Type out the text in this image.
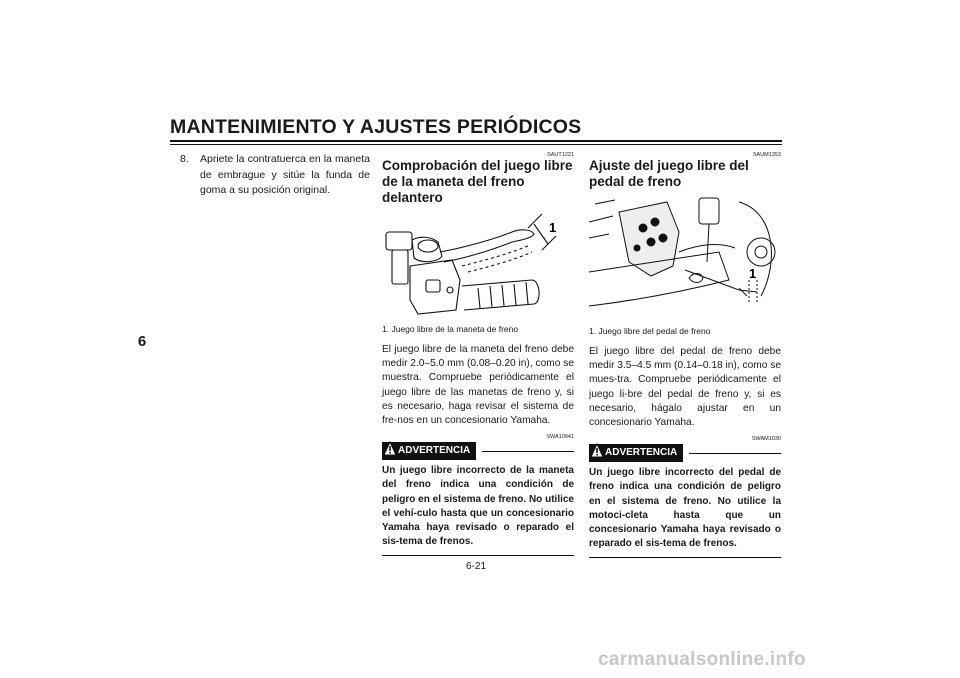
MANTENIMIENTO Y AJUSTES PERIÓDICOS
6
8. Apriete la contratuerca en la maneta de embrague y sitúe la funda de goma a su posición original.
SAUT1221
Comprobación del juego libre de la maneta del freno delantero
1
1. Juego libre de la maneta de freno
El juego libre de la maneta del freno debe medir 2.0–5.0 mm (0.08–0.20 in), como se muestra. Compruebe periódicamente el juego libre de las manetas de freno y, si es necesario, haga revisar el sistema de fre-nos en un concesionario Yamaha.
SWA10641
ADVERTENCIA
Un juego libre incorrecto de la maneta del freno indica una condición de peligro en el sistema de freno. No utilice el vehí-culo hasta que un concesionario Yamaha haya revisado o reparado el sis-tema de frenos.
SAUM1353
Ajuste del juego libre del pedal de freno
1
1. Juego libre del pedal de freno
El juego libre del pedal de freno debe medir 3.5–4.5 mm (0.14–0.18 in), como se mues-tra. Compruebe periódicamente el juego li-bre del pedal de freno y, si es necesario, hágalo ajustar en un concesionario Yamaha.
SWAM1030
ADVERTENCIA
Un juego libre incorrecto del pedal de freno indica una condición de peligro en el sistema de freno. No utilice la motoci-cleta hasta que un concesionario Yamaha haya revisado o reparado el sis-tema de frenos.
6-21
carmanualsonline.info
